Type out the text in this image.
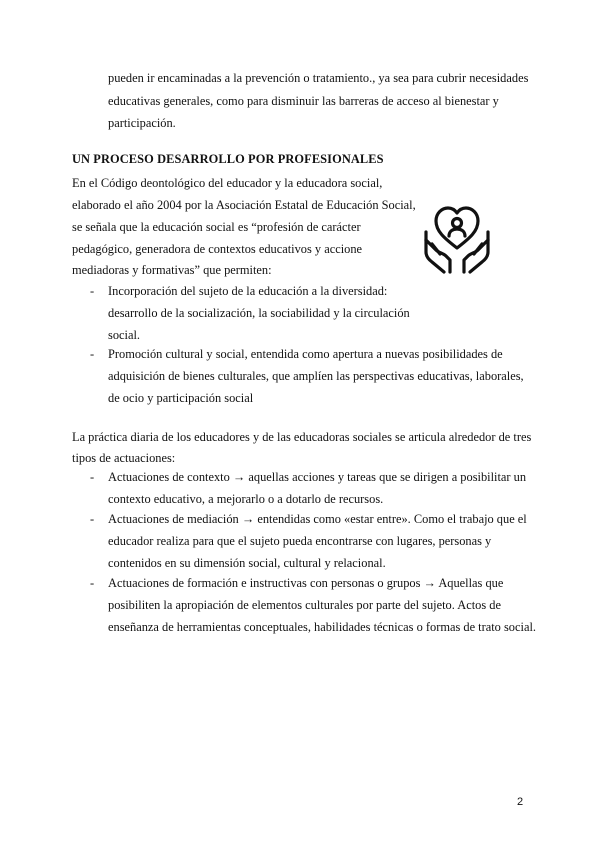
pueden ir encaminadas a la prevención o tratamiento., ya sea para cubrir necesidades

educativas generales, como para disminuir las barreras de acceso al bienestar y

participación.

UN PROCESO DESARROLLO POR PROFESIONALES

En el Código deontológico del educador y la educadora social,

elaborado el año 2004 por la Asociación Estatal de Educación Social,

se señala que la educación social es “profesión de carácter

pedagógico, generadora de contextos educativos y accione

mediadoras y formativas” que permiten:

- Incorporación del sujeto de la educación a la diversidad:
desarrollo de la socialización, la sociabilidad y la circulación
social.
- Promoción cultural y social, entendida como apertura a nuevas posibilidades de
adquisición de bienes culturales, que amplíen las perspectivas educativas, laborales,
de ocio y participación social

La práctica diaria de los educadores y de las educadoras sociales se articula alrededor de tres

tipos de actuaciones:

- Actuaciones de contexto → aquellas acciones y tareas que se dirigen a posibilitar un
contexto educativo, a mejorarlo o a dotarlo de recursos.
- Actuaciones de mediación → entendidas como «estar entre». Como el trabajo que el
educador realiza para que el sujeto pueda encontrarse con lugares, personas y
contenidos en su dimensión social, cultural y relacional.
- Actuaciones de formación e instructivas con personas o grupos → Aquellas que
posibiliten la apropiación de elementos culturales por parte del sujeto. Actos de
enseñanza de herramientas conceptuales, habilidades técnicas o formas de trato social.
2
